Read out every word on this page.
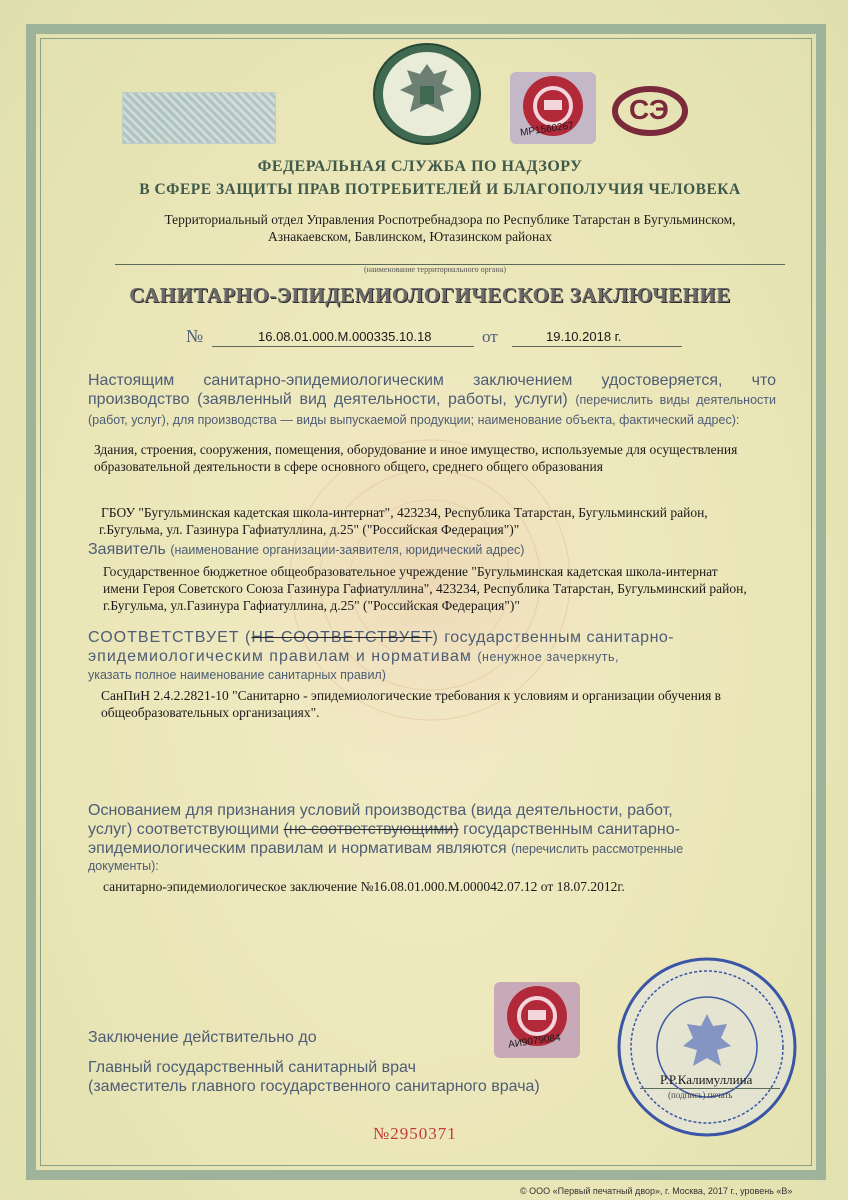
МР1560267
СЭ
ФЕДЕРАЛЬНАЯ СЛУЖБА ПО НАДЗОРУ
В СФЕРЕ ЗАЩИТЫ ПРАВ ПОТРЕБИТЕЛЕЙ И БЛАГОПОЛУЧИЯ ЧЕЛОВЕКА
Территориальный отдел Управления Роспотребнадзора по Республике Татарстан в Бугульминском,
Азнакаевском, Бавлинском, Ютазинском районах
(наименование территориального органа)
САНИТАРНО-ЭПИДЕМИОЛОГИЧЕСКОЕ ЗАКЛЮЧЕНИЕ
№	16.08.01.000.М.000335.10.18	от	19.10.2018 г.
Настоящим санитарно-эпидемиологическим заключением удостоверяется, что производство (заявленный вид деятельности, работы, услуги) (перечислить виды деятельности (работ, услуг), для производства — виды выпускаемой продукции; наименование объекта, фактический адрес):
Здания, строения, сооружения, помещения, оборудование и иное имущество, используемые для осуществления
образовательной деятельности в сфере основного общего, среднего общего образования
ГБОУ "Бугульминская кадетская школа-интернат", 423234, Республика Татарстан, Бугульминский район,
г.Бугульма, ул. Газинура Гафиатуллина, д.25" ("Российская Федерация")"
Заявитель (наименование организации-заявителя, юридический адрес)
Государственное бюджетное общеобразовательное учреждение "Бугульминская кадетская школа-интернат
имени Героя Советского Союза Газинура Гафиатуллина", 423234, Республика Татарстан, Бугульминский район,
г.Бугульма, ул.Газинура Гафиатуллина, д.25" ("Российская Федерация")"
СООТВЕТСТВУЕТ (НЕ СООТВЕТСТВУЕТ) государственным санитарно-
эпидемиологическим правилам и нормативам (ненужное зачеркнуть,
указать полное наименование санитарных правил)
СанПиН 2.4.2.2821-10 "Санитарно - эпидемиологические требования к условиям и организации обучения в
общеобразовательных организациях".
Основанием для признания условий производства (вида деятельности, работ,
услуг) соответствующими (не соответствующими) государственным санитарно-
эпидемиологическим правилам и нормативам являются (перечислить рассмотренные
документы):
санитарно-эпидемиологическое заключение №16.08.01.000.М.000042.07.12 от 18.07.2012г.
АИ9079084
Заключение действительно до
Главный государственный санитарный врач
(заместитель главного государственного санитарного врача)	Р.Р.Калимуллина
(подпись) печать
№2950371
© ООО «Первый печатный двор», г. Москва, 2017 г., уровень «В»
